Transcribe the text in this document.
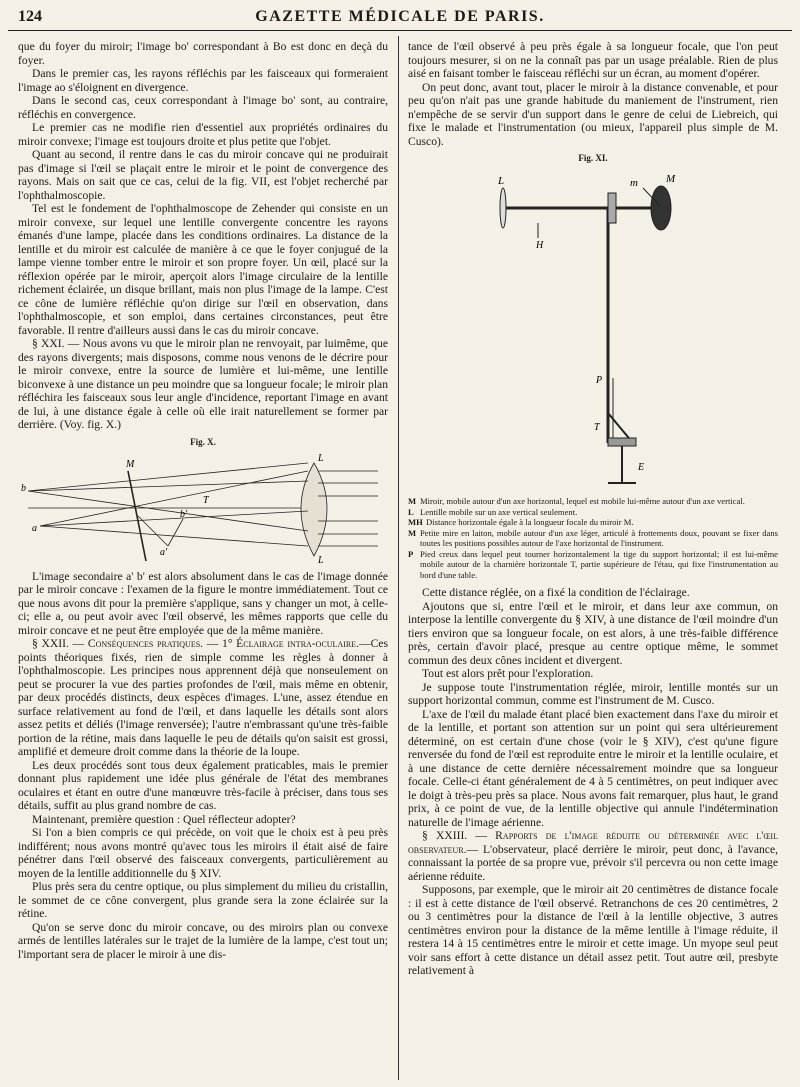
124	GAZETTE MÉDICALE DE PARIS.

que du foyer du miroir; l'image bo' correspondant à Bo est donc en deçà du foyer.

Dans le premier cas, les rayons réfléchis par les faisceaux qui formeraient l'image ao s'éloignent en divergence.

Dans le second cas, ceux correspondant à l'image bo' sont, au contraire, réfléchis en convergence.

Le premier cas ne modifie rien d'essentiel aux propriétés ordinaires du miroir convexe; l'image est toujours droite et plus petite que l'objet.

Quant au second, il rentre dans le cas du miroir concave qui ne produirait pas d'image si l'œil se plaçait entre le miroir et le point de convergence des rayons. Mais on sait que ce cas, celui de la fig. VII, est l'objet recherché par l'ophthalmoscopie.

Tel est le fondement de l'ophthalmoscope de Zehender qui consiste en un miroir convexe, sur lequel une lentille convergente concentre les rayons émanés d'une lampe, placée dans les conditions ordinaires. La distance de la lentille et du miroir est calculée de manière à ce que le foyer conjugué de la lampe vienne tomber entre le miroir et son propre foyer. Un œil, placé sur la réflexion opérée par le miroir, aperçoit alors l'image circulaire de la lentille richement éclairée, un disque brillant, mais non plus l'image de la lampe. C'est ce cône de lumière réfléchie qu'on dirige sur l'œil en observation, dans l'ophthalmoscopie, et son emploi, dans certaines circonstances, peut être favorable. Il rentre d'ailleurs aussi dans le cas du miroir concave.

§ XXI. — Nous avons vu que le miroir plan ne renvoyait, par luimême, que des rayons divergents; mais disposons, comme nous venons de le décrire pour le miroir convexe, entre la source de lumière et lui-même, une lentille biconvexe à une distance un peu moindre que sa longueur focale; le miroir plan réfléchira les faisceaux sous leur angle d'incidence, reportant l'image en avant de lui, à une distance égale à celle où elle irait naturellement se former par derrière. (Voy. fig. X.)

Fig. X.
M
L
L
T
b
a
a'
b'

L'image secondaire a' b' est alors absolument dans le cas de l'image donnée par le miroir concave : l'examen de la figure le montre immédiatement. Tout ce que nous avons dit pour la première s'applique, sans y changer un mot, à celle-ci; elle a, ou peut avoir avec l'œil observé, les mêmes rapports que celle du miroir concave et ne peut être employée que de la même manière.

§ XXII. — Conséquences pratiques. — 1° Éclairage intra-oculaire.—Ces points théoriques fixés, rien de simple comme les règles à donner à l'ophthalmoscopie. Les principes nous apprennent déjà que nonseulement on peut se procurer la vue des parties profondes de l'œil, mais même en obtenir, par deux procédés distincts, deux espèces d'images. L'une, assez étendue en surface relativement au fond de l'œil, et dans laquelle les détails sont alors assez petits et déliés (l'image renversée); l'autre n'embrassant qu'une très-faible portion de la rétine, mais dans laquelle le peu de détails qu'on saisit est grossi, amplifié et demeure droit comme dans la théorie de la loupe.

Les deux procédés sont tous deux également praticables, mais le premier donnant plus rapidement une idée plus générale de l'état des membranes oculaires et étant en outre d'une manœuvre très-facile à préciser, dans tous ses détails, suffit au plus grand nombre de cas.

Maintenant, première question : Quel réflecteur adopter?

Si l'on a bien compris ce qui précède, on voit que le choix est à peu près indifférent; nous avons montré qu'avec tous les miroirs il était aisé de faire pénétrer dans l'œil observé des faisceaux convergents, particulièrement au moyen de la lentille additionnelle du § XIV.

Plus près sera du centre optique, ou plus simplement du milieu du cristallin, le sommet de ce cône convergent, plus grande sera la zone éclairée sur la rétine.

Qu'on se serve donc du miroir concave, ou des miroirs plan ou convexe armés de lentilles latérales sur le trajet de la lumière de la lampe, c'est tout un; l'important sera de placer le miroir à une dis-

tance de l'œil observé à peu près égale à sa longueur focale, que l'on peut toujours mesurer, si on ne la connaît pas par un usage préalable. Rien de plus aisé en faisant tomber le faisceau réfléchi sur un écran, au moment d'opérer.

On peut donc, avant tout, placer le miroir à la distance convenable, et pour peu qu'on n'ait pas une grande habitude du maniement de l'instrument, rien n'empêche de se servir d'un support dans le genre de celui de Liebreich, qui fixe le malade et l'instrumentation (ou mieux, l'appareil plus simple de M. Cusco).

Fig. XI.
L
H
m	M
P
T
E

M Miroir, mobile autour d'un axe horizontal, lequel est mobile lui-même autour d'un axe vertical.

L Lentille mobile sur un axe vertical seulement.

MH Distance horizontale égale à la longueur focale du miroir M.

M Petite mire en laiton, mobile autour d'un axe léger, articulé à frottements doux, pouvant se fixer dans toutes les positions possibles autour de l'axe horizontal de l'instrument.

P Pied creux dans lequel peut tourner horizontalement la tige du support horizontal; il est lui-même mobile autour de la charnière horizontale T, partie supérieure de l'étau, qui fixe l'instrumentation au bord d'une table.

Cette distance réglée, on a fixé la condition de l'éclairage.

Ajoutons que si, entre l'œil et le miroir, et dans leur axe commun, on interpose la lentille convergente du § XIV, à une distance de l'œil moindre d'un tiers environ que sa longueur focale, on est alors, à une très-faible différence près, certain d'avoir placé, presque au centre optique même, le sommet commun des deux cônes incident et divergent.

Tout est alors prêt pour l'exploration.

Je suppose toute l'instrumentation réglée, miroir, lentille montés sur un support horizontal commun, comme est l'instrument de M. Cusco.

L'axe de l'œil du malade étant placé bien exactement dans l'axe du miroir et de la lentille, et portant son attention sur un point qui sera ultérieurement déterminé, on est certain d'une chose (voir le § XIV), c'est qu'une figure renversée du fond de l'œil est reproduite entre le miroir et la lentille oculaire, et à une distance de cette dernière nécessairement moindre que sa longueur focale. Celle-ci étant généralement de 4 à 5 centimètres, on peut indiquer avec le doigt à très-peu près sa place. Nous avons fait remarquer, plus haut, le grand prix, à ce point de vue, de la lentille objective qui annule l'indétermination naturelle de l'image aérienne.

§ XXIII. — Rapports de l'image réduite ou déterminée avec l'œil observateur.— L'observateur, placé derrière le miroir, peut donc, à l'avance, connaissant la portée de sa propre vue, prévoir s'il percevra ou non cette image aérienne réduite.

Supposons, par exemple, que le miroir ait 20 centimètres de distance focale : il est à cette distance de l'œil observé. Retranchons de ces 20 centimètres, 2 ou 3 centimètres pour la distance de l'œil à la lentille objective, 3 autres centimètres environ pour la distance de la même lentille à l'image réduite, il restera 14 à 15 centimètres entre le miroir et cette image. Un myope seul peut voir sans effort à cette distance un détail assez petit. Tout autre œil, presbyte relativement à
